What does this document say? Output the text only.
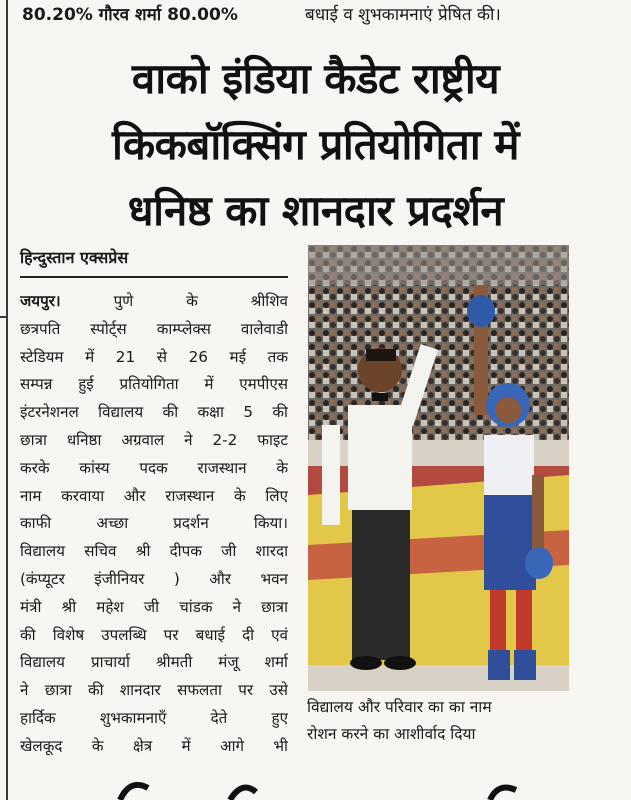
80.20% गौरव शर्मा 80.00%	बधाई व शुभकामनाएं प्रेषित की।
वाको इंडिया कैडेट राष्ट्रीय
किकबॉक्सिंग प्रतियोगिता में
धनिष्ठ का शानदार प्रदर्शन
हिन्दुस्तान एक्सप्रेस
जयपुर।	पुणे के श्रीशिव
छत्रपति स्पोर्ट्स काम्प्लेक्स वालेवाडी
स्टेडियम में 21 से 26 मई तक
सम्पन्न हुई प्रतियोगिता में एमपीएस
इंटरनेशनल विद्यालय की कक्षा 5 की
छात्रा धनिष्ठा अग्रवाल ने 2-2 फाइट
करके कांस्य पदक राजस्थान के
नाम करवाया और राजस्थान के लिए
काफी अच्छा प्रदर्शन किया।
विद्यालय सचिव श्री दीपक जी शारदा
(कंप्यूटर इंजीनियर ) और भवन
मंत्री श्री महेश जी चांडक ने छात्रा
की विशेष उपलब्धि पर बधाई दी एवं
विद्यालय प्राचार्या श्रीमती मंजू शर्मा
ने छात्रा की शानदार सफलता पर उसे
हार्दिक शुभकामनाएँ देते हुए
खेलकूद के क्षेत्र में आगे भी
विद्यालय और परिवार का का नाम
रोशन करने का आशीर्वाद दिया
